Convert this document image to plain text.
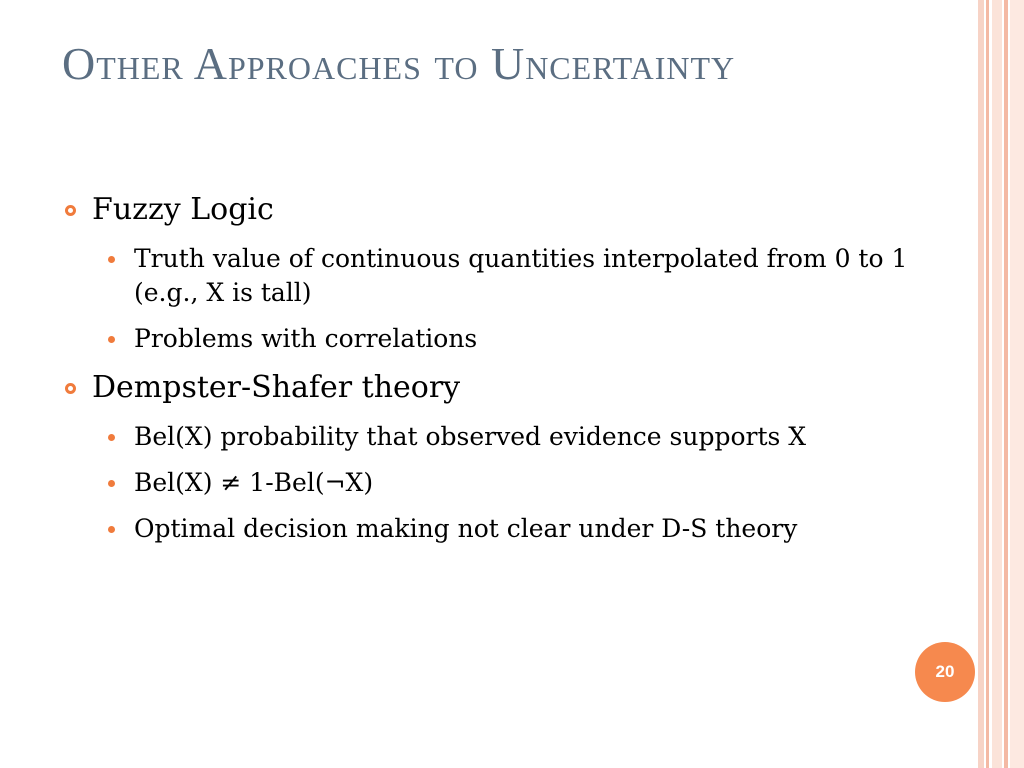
Other Approaches to Uncertainty
Fuzzy Logic
Truth value of continuous quantities interpolated from 0 to 1 (e.g., X is tall)
Problems with correlations
Dempster-Shafer theory
Bel(X) probability that observed evidence supports X
Bel(X) ≠ 1-Bel(¬X)
Optimal decision making not clear under D-S theory
20
